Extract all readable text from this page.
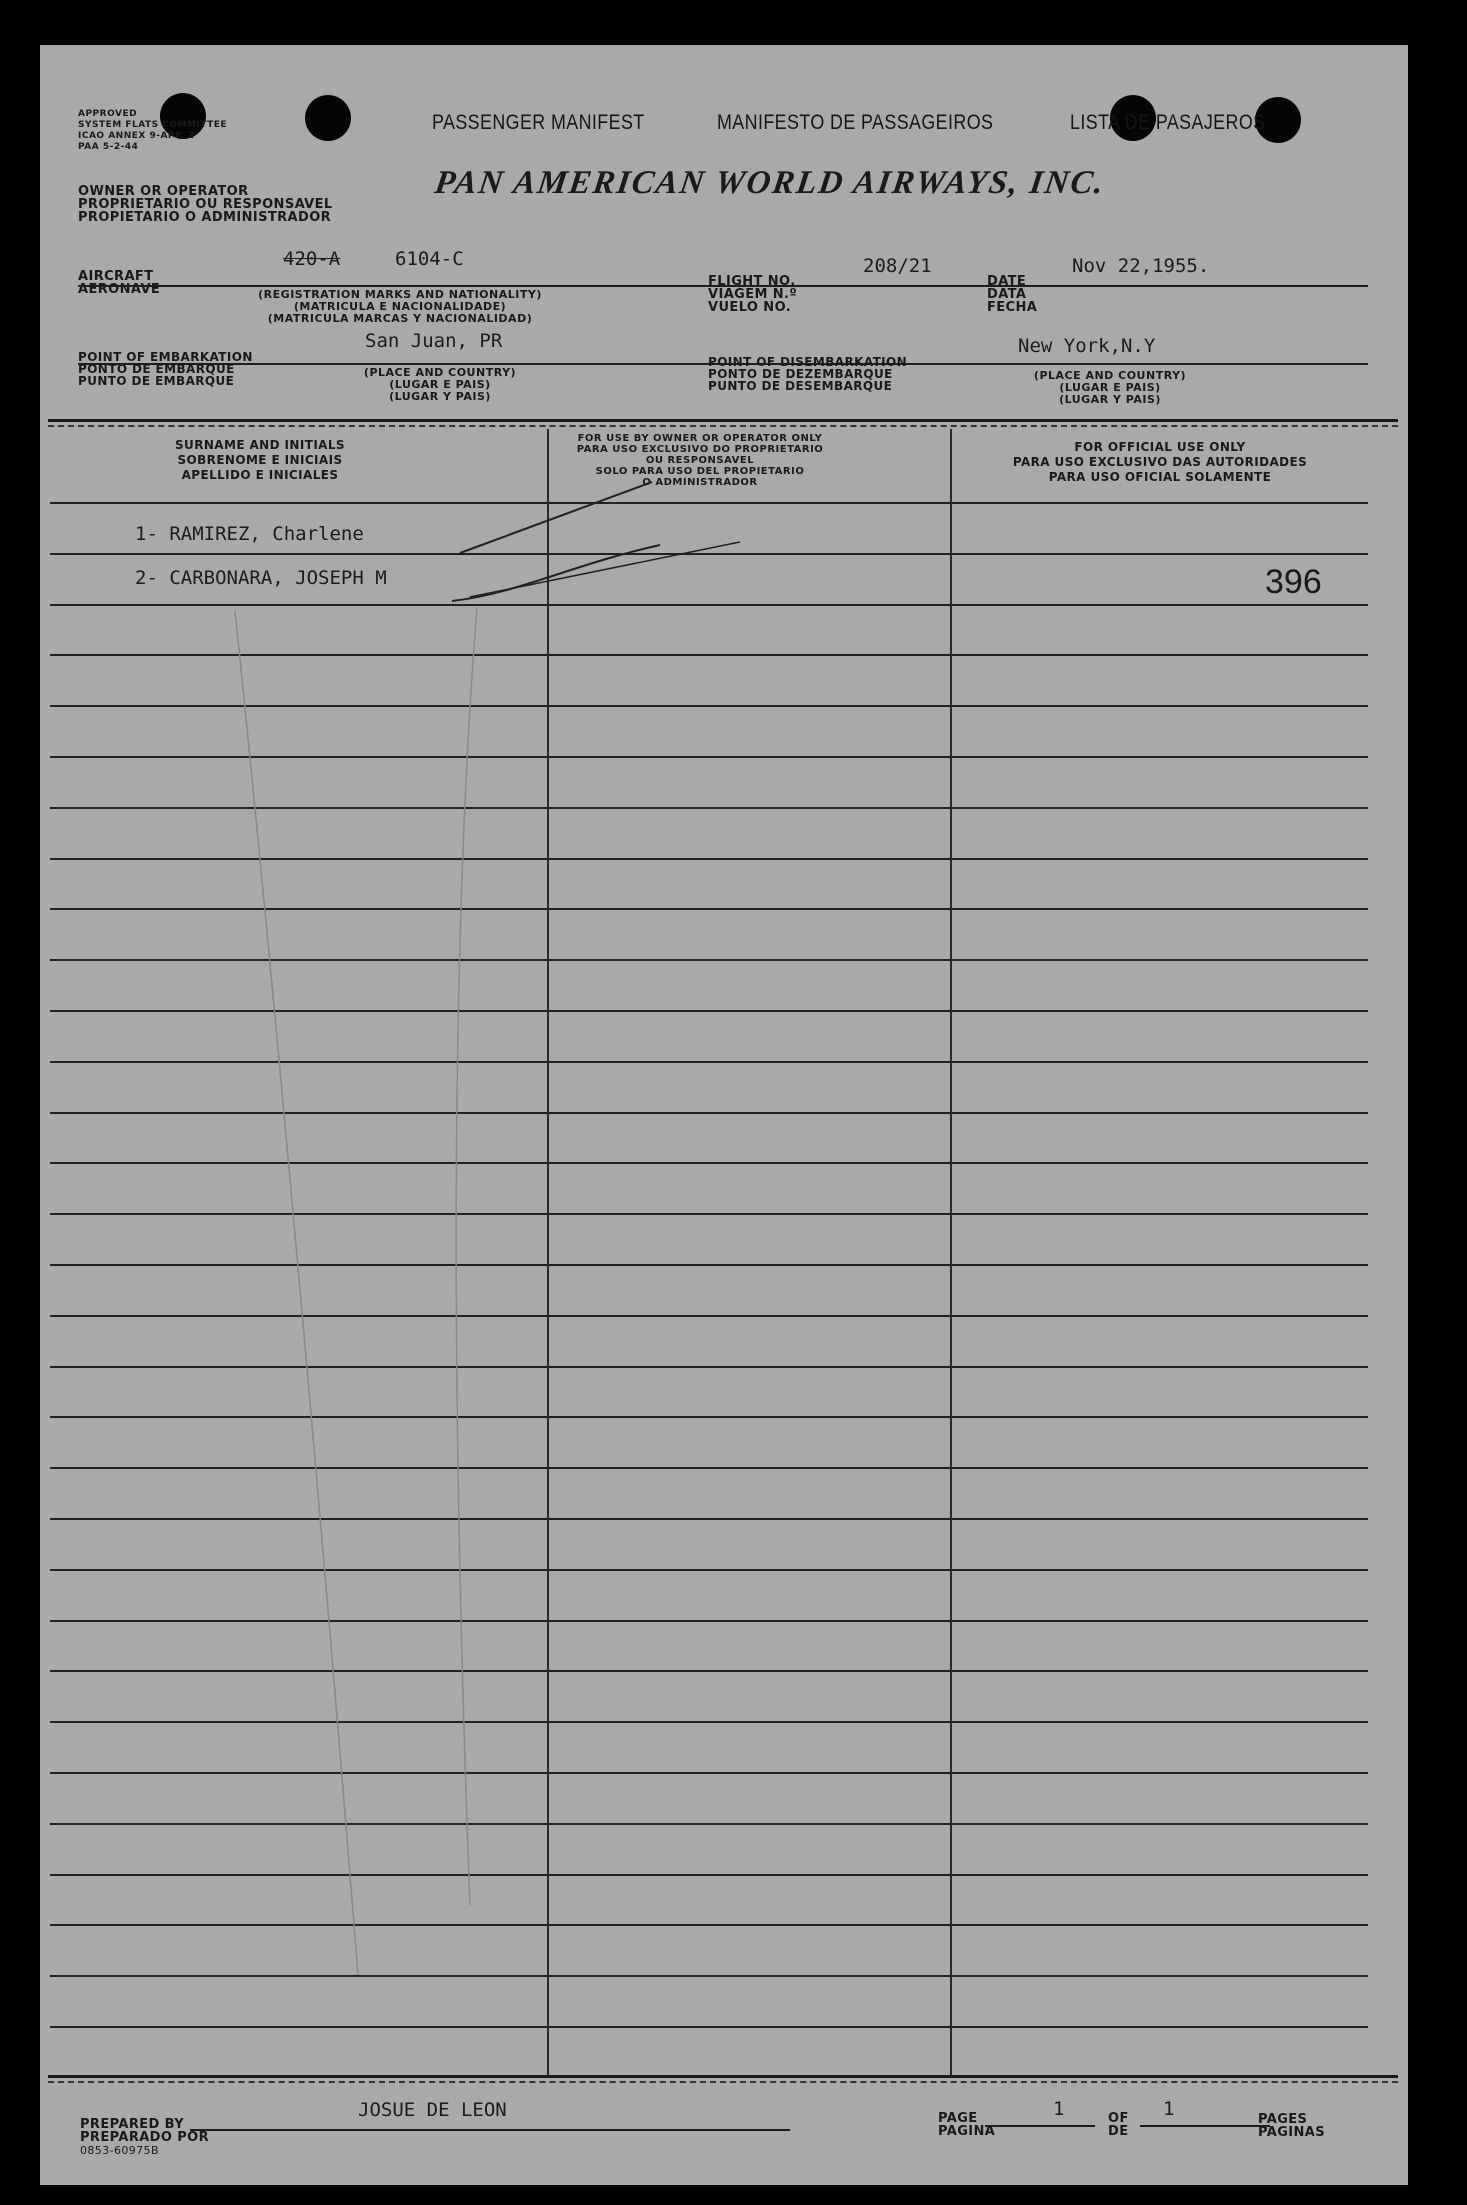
APPROVED
SYSTEM FLATS COMMITTEE
ICAO ANNEX 9-APP. 2
PAA 5-2-44
PASSENGER MANIFEST	MANIFESTO DE PASSAGEIROS	LISTA DE PASAJEROS
OWNER OR OPERATOR
PROPRIETARIO OU RESPONSAVEL
PROPIETARIO O ADMINISTRADOR
PAN AMERICAN WORLD AIRWAYS, INC.
AIRCRAFT
AERONAVE
420-A	6104-C
(REGISTRATION MARKS AND NATIONALITY)
(MATRICULA E NACIONALIDADE)
(MATRICULA MARCAS Y NACIONALIDAD)
FLIGHT NO.
VIAGEM N.º
VUELO NO.
208/21
DATE
DATA
FECHA
Nov 22,1955.
POINT OF EMBARKATION
PONTO DE EMBARQUE
PUNTO DE EMBARQUE
San Juan, PR
(PLACE AND COUNTRY)
(LUGAR E PAIS)
(LUGAR Y PAIS)
POINT OF DISEMBARKATION
PONTO DE DEZEMBARQUE
PUNTO DE DESEMBARQUE
New York,N.Y
(PLACE AND COUNTRY)
(LUGAR E PAIS)
(LUGAR Y PAIS)
SURNAME AND INITIALS
SOBRENOME E INICIAIS
APELLIDO E INICIALES
FOR USE BY OWNER OR OPERATOR ONLY
PARA USO EXCLUSIVO DO PROPRIETARIO
OU RESPONSAVEL
SOLO PARA USO DEL PROPIETARIO
O ADMINISTRADOR
FOR OFFICIAL USE ONLY
PARA USO EXCLUSIVO DAS AUTORIDADES
PARA USO OFICIAL SOLAMENTE
1- RAMIREZ, Charlene
2- CARBONARA, JOSEPH M	396
PREPARED BY
PREPARADO POR
0853-60975B
JOSUE DE LEON	PAGE
PAGINA
1	OF
DE
1	PAGES
PAGINAS
